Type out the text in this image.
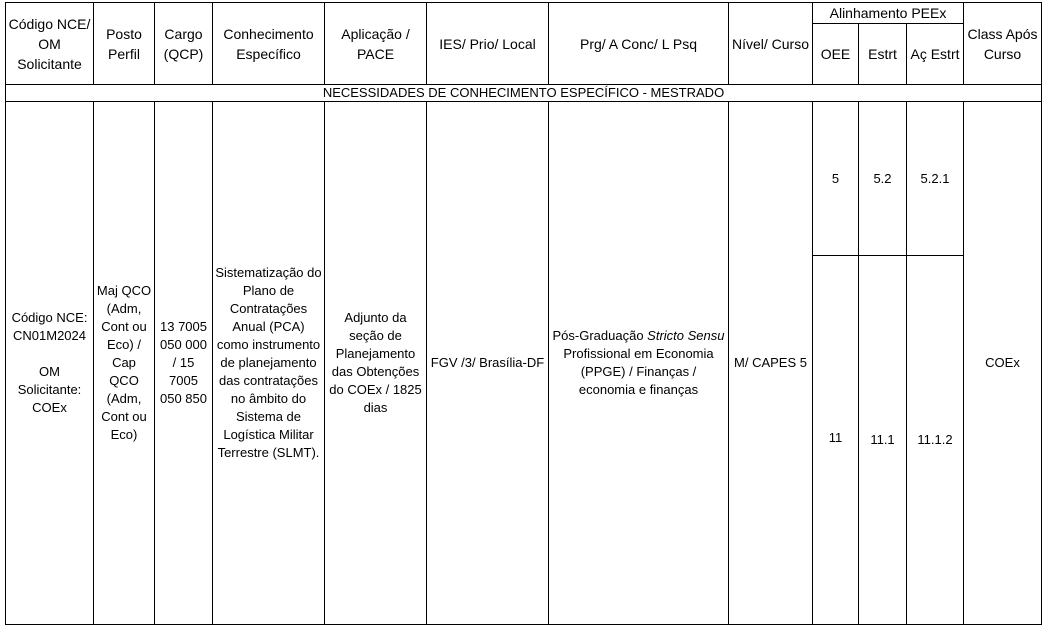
Código NCE/ OM Solicitante	Posto Perfil	Cargo (QCP)	Conhecimento Específico	Aplicação / PACE	IES/ Prio/ Local	Prg/ A Conc/ L Psq	Nível/ Curso	Alinhamento PEEx			Class Após Curso
								OEE	Estrt	Aç Estrt	
NECESSIDADES DE CONHECIMENTO ESPECÍFICO - MESTRADO											

Código NCE: CN01M2024
OM Solicitante: COEx	Maj QCO (Adm, Cont ou Eco) / Cap QCO (Adm, Cont ou Eco)	13 7005 050 000 / 15 7005 050 850	Sistematização do Plano de Contratações Anual (PCA) como instrumento de planejamento das contratações no âmbito do Sistema de Logística Militar Terrestre (SLMT).	Adjunto da seção de Planejamento das Obtenções do COEx / 1825 dias	FGV /3/ Brasília-DF	Pós-Graduação Stricto Sensu Profissional em Economia (PPGE) / Finanças / economia e finanças	M/ CAPES 5	5	5.2	5.2.1	COEx
								11	11.1	11.1.2	
